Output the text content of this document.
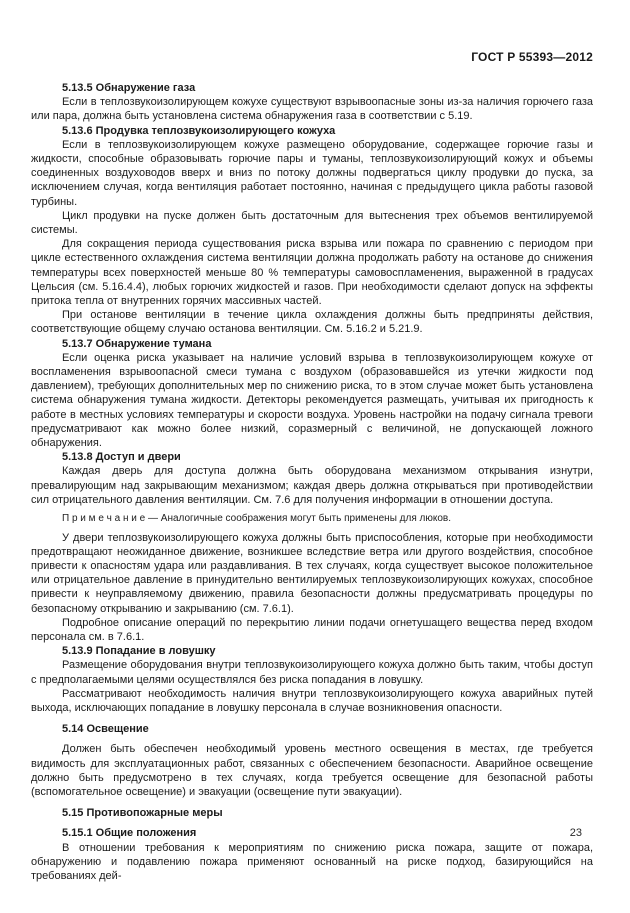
ГОСТ Р 55393—2012
5.13.5 Обнаружение газа

Если в теплозвукоизолирующем кожухе существуют взрывоопасные зоны из-за наличия горючего газа или пара, должна быть установлена система обнаружения газа в соответствии с 5.19.

5.13.6 Продувка теплозвукоизолирующего кожуха

Если в теплозвукоизолирующем кожухе размещено оборудование, содержащее горючие газы и жидкости, способные образовывать горючие пары и туманы, теплозвукоизолирующий кожух и объемы соединенных воздуховодов вверх и вниз по потоку должны подвергаться циклу продувки до пуска, за исключением случая, когда вентиляция работает постоянно, начиная с предыдущего цикла работы газовой турбины.

Цикл продувки на пуске должен быть достаточным для вытеснения трех объемов вентилируемой системы.

Для сокращения периода существования риска взрыва или пожара по сравнению с периодом при цикле естественного охлаждения система вентиляции должна продолжать работу на останове до снижения температуры всех поверхностей меньше 80 % температуры самовоспламенения, выраженной в градусах Цельсия (см. 5.16.4.4), любых горючих жидкостей и газов. При необходимости сделают допуск на эффекты притока тепла от внутренних горячих массивных частей.

При останове вентиляции в течение цикла охлаждения должны быть предприняты действия, соответствующие общему случаю останова вентиляции. См. 5.16.2 и 5.21.9.

5.13.7 Обнаружение тумана

Если оценка риска указывает на наличие условий взрыва в теплозвукоизолирующем кожухе от воспламенения взрывоопасной смеси тумана с воздухом (образовавшейся из утечки жидкости под давлением), требующих дополнительных мер по снижению риска, то в этом случае может быть установлена система обнаружения тумана жидкости. Детекторы рекомендуется размещать, учитывая их пригодность к работе в местных условиях температуры и скорости воздуха. Уровень настройки на подачу сигнала тревоги предусматривают как можно более низкий, соразмерный с величиной, не допускающей ложного обнаружения.

5.13.8 Доступ и двери

Каждая дверь для доступа должна быть оборудована механизмом открывания изнутри, превалирующим над закрывающим механизмом; каждая дверь должна открываться при противодействии сил отрицательного давления вентиляции. См. 7.6 для получения информации в отношении доступа.

П р и м е ч а н и е — Аналогичные соображения могут быть применены для люков.

У двери теплозвукоизолирующего кожуха должны быть приспособления, которые при необходимости предотвращают неожиданное движение, возникшее вследствие ветра или другого воздействия, способное привести к опасностям удара или раздавливания. В тех случаях, когда существует высокое положительное или отрицательное давление в принудительно вентилируемых теплозвукоизолирующих кожухах, способное привести к неуправляемому движению, правила безопасности должны предусматривать процедуры по безопасному открыванию и закрыванию (см. 7.6.1).

Подробное описание операций по перекрытию линии подачи огнетушащего вещества перед входом персонала см. в 7.6.1.

5.13.9 Попадание в ловушку

Размещение оборудования внутри теплозвукоизолирующего кожуха должно быть таким, чтобы доступ с предполагаемыми целями осуществлялся без риска попадания в ловушку.

Рассматривают необходимость наличия внутри теплозвукоизолирующего кожуха аварийных путей выхода, исключающих попадание в ловушку персонала в случае возникновения опасности.

5.14 Освещение

Должен быть обеспечен необходимый уровень местного освещения в местах, где требуется видимость для эксплуатационных работ, связанных с обеспечением безопасности. Аварийное освещение должно быть предусмотрено в тех случаях, когда требуется освещение для безопасной работы (вспомогательное освещение) и эвакуации (освещение пути эвакуации).

5.15 Противопожарные меры
5.15.1 Общие положения

В отношении требования к мероприятиям по снижению риска пожара, защите от пожара, обнаружению и подавлению пожара применяют основанный на риске подход, базирующийся на требованиях дей-

23
